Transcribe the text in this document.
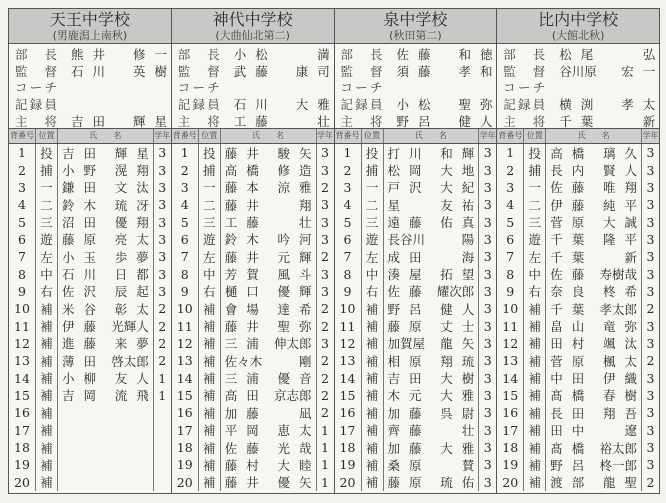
天王中学校
(男鹿潟上南秋)
部長 熊井 修一
監督 石川 英樹
コーチ
記録員
主将 吉田 輝星
背番号 位置	氏　　名	学年
1	投 吉田 輝星 3
2	捕 小野 滉翔 3
3	一 鎌田 文汰 3
4	二 鈴木 琉冴 3
5	三 沼田 優翔 3
6	遊 藤原 亮太 3
7	左 小玉 歩夢 3
8	中 石川 日都 3
9	右 佐沢 辰起 3
10 補 米谷 彰太 2
11 補 伊藤 光輝人 2
12 補 進藤 来夢 2
13 補 薄田 啓太郎 2
14 補 小柳 友人 1
15 補 吉岡 流飛 1
16 補
17 補
18 補
19 補
20 補
神代中学校
(大曲仙北第二)
部長 小松	満
監督 武藤 康司
コーチ
記録員 石川 大雅
主将 工藤	壮
背番号 位置	氏　　名	学年
1	投 藤井 駿矢 3
2	捕 高橋 修造 3
3	一 藤本 涼雅 2
4	二 藤井 翔 3
5	三 工藤 壮 3
6	遊 鈴木 吟河 3
7	左 藤井 元輝 2
8	中 芳賀 風斗 3
9	右 樋口 優輝 3
10 補 會場 達希 2
11 補 藤井 聖弥 2
12 補 三浦 伸太郎 3
13 補 佐々木	剛 2
14 補 三浦 優音 2
15 補 高田 京志郎 2
16 補 加藤 凪 2
17 補 平岡 恵太 1
18 補 佐藤 光哉 1
19 補 藤村 大睦 1
20 補 藤井 優矢 1
泉中学校
(秋田第二)
部長 佐藤 和徳
監督 須藤 孝和
コーチ
記録員 小松 聖弥
主将 野呂 健人
背番号 位置	氏　　名	学年
1	投 打川 和輝 3
2	捕 松岡 大地 3
3	一 戸沢 大紀 3
4	二 星	友祐 3
5	三 遠藤 佑真 3
6	遊 長谷川	陽 3
7	左 成田 海 3
8	中 湊屋 拓望 3
9	右 佐藤 耀次郎 3
10 補 野呂 健人 3
11 補 藤原 丈士 3
12 補 加賀屋 龍矢 3
13 補 相原 翔琉 3
14 補 吉田 大樹 3
15 補 木元 大雅 3
16 補 加藤 呉尉 3
17 補 齊藤 壮 3
18 補 加藤 大雅 3
19 補 桑原 賛 3
20 補 藤原 琉佑 3
比内中学校
(大館北秋)
部長 松尾	弘
監督 谷川原 宏一
コーチ
記録員 横渕 孝太
主将 千葉	新
背番号 位置	氏　　名	学年
1	投 高橋 璃久 3
2	捕 長内 賢人 3
3	一 佐藤 唯翔 3
4	二 伊藤 純平 3
5	三 菅原 大誠 3
6	遊 千葉 隆平 3
7	左 千葉 新 3
8	中 佐藤 寿樹哉 3
9	右 奈良 柊希 3
10 補 千葉 孝太郎 2
11 補 畠山 竜弥 3
12 補 田村 颯汰 3
13 補 菅原 楓太 2
14 補 中田 伊織 3
15 補 髙橋 春樹 3
16 補 長田 翔吾 3
17 補 田中 遼 3
18 補 髙橋 裕太郎 3
19 補 野呂 柊一郎 3
20 補 渡部 龍聖 2
